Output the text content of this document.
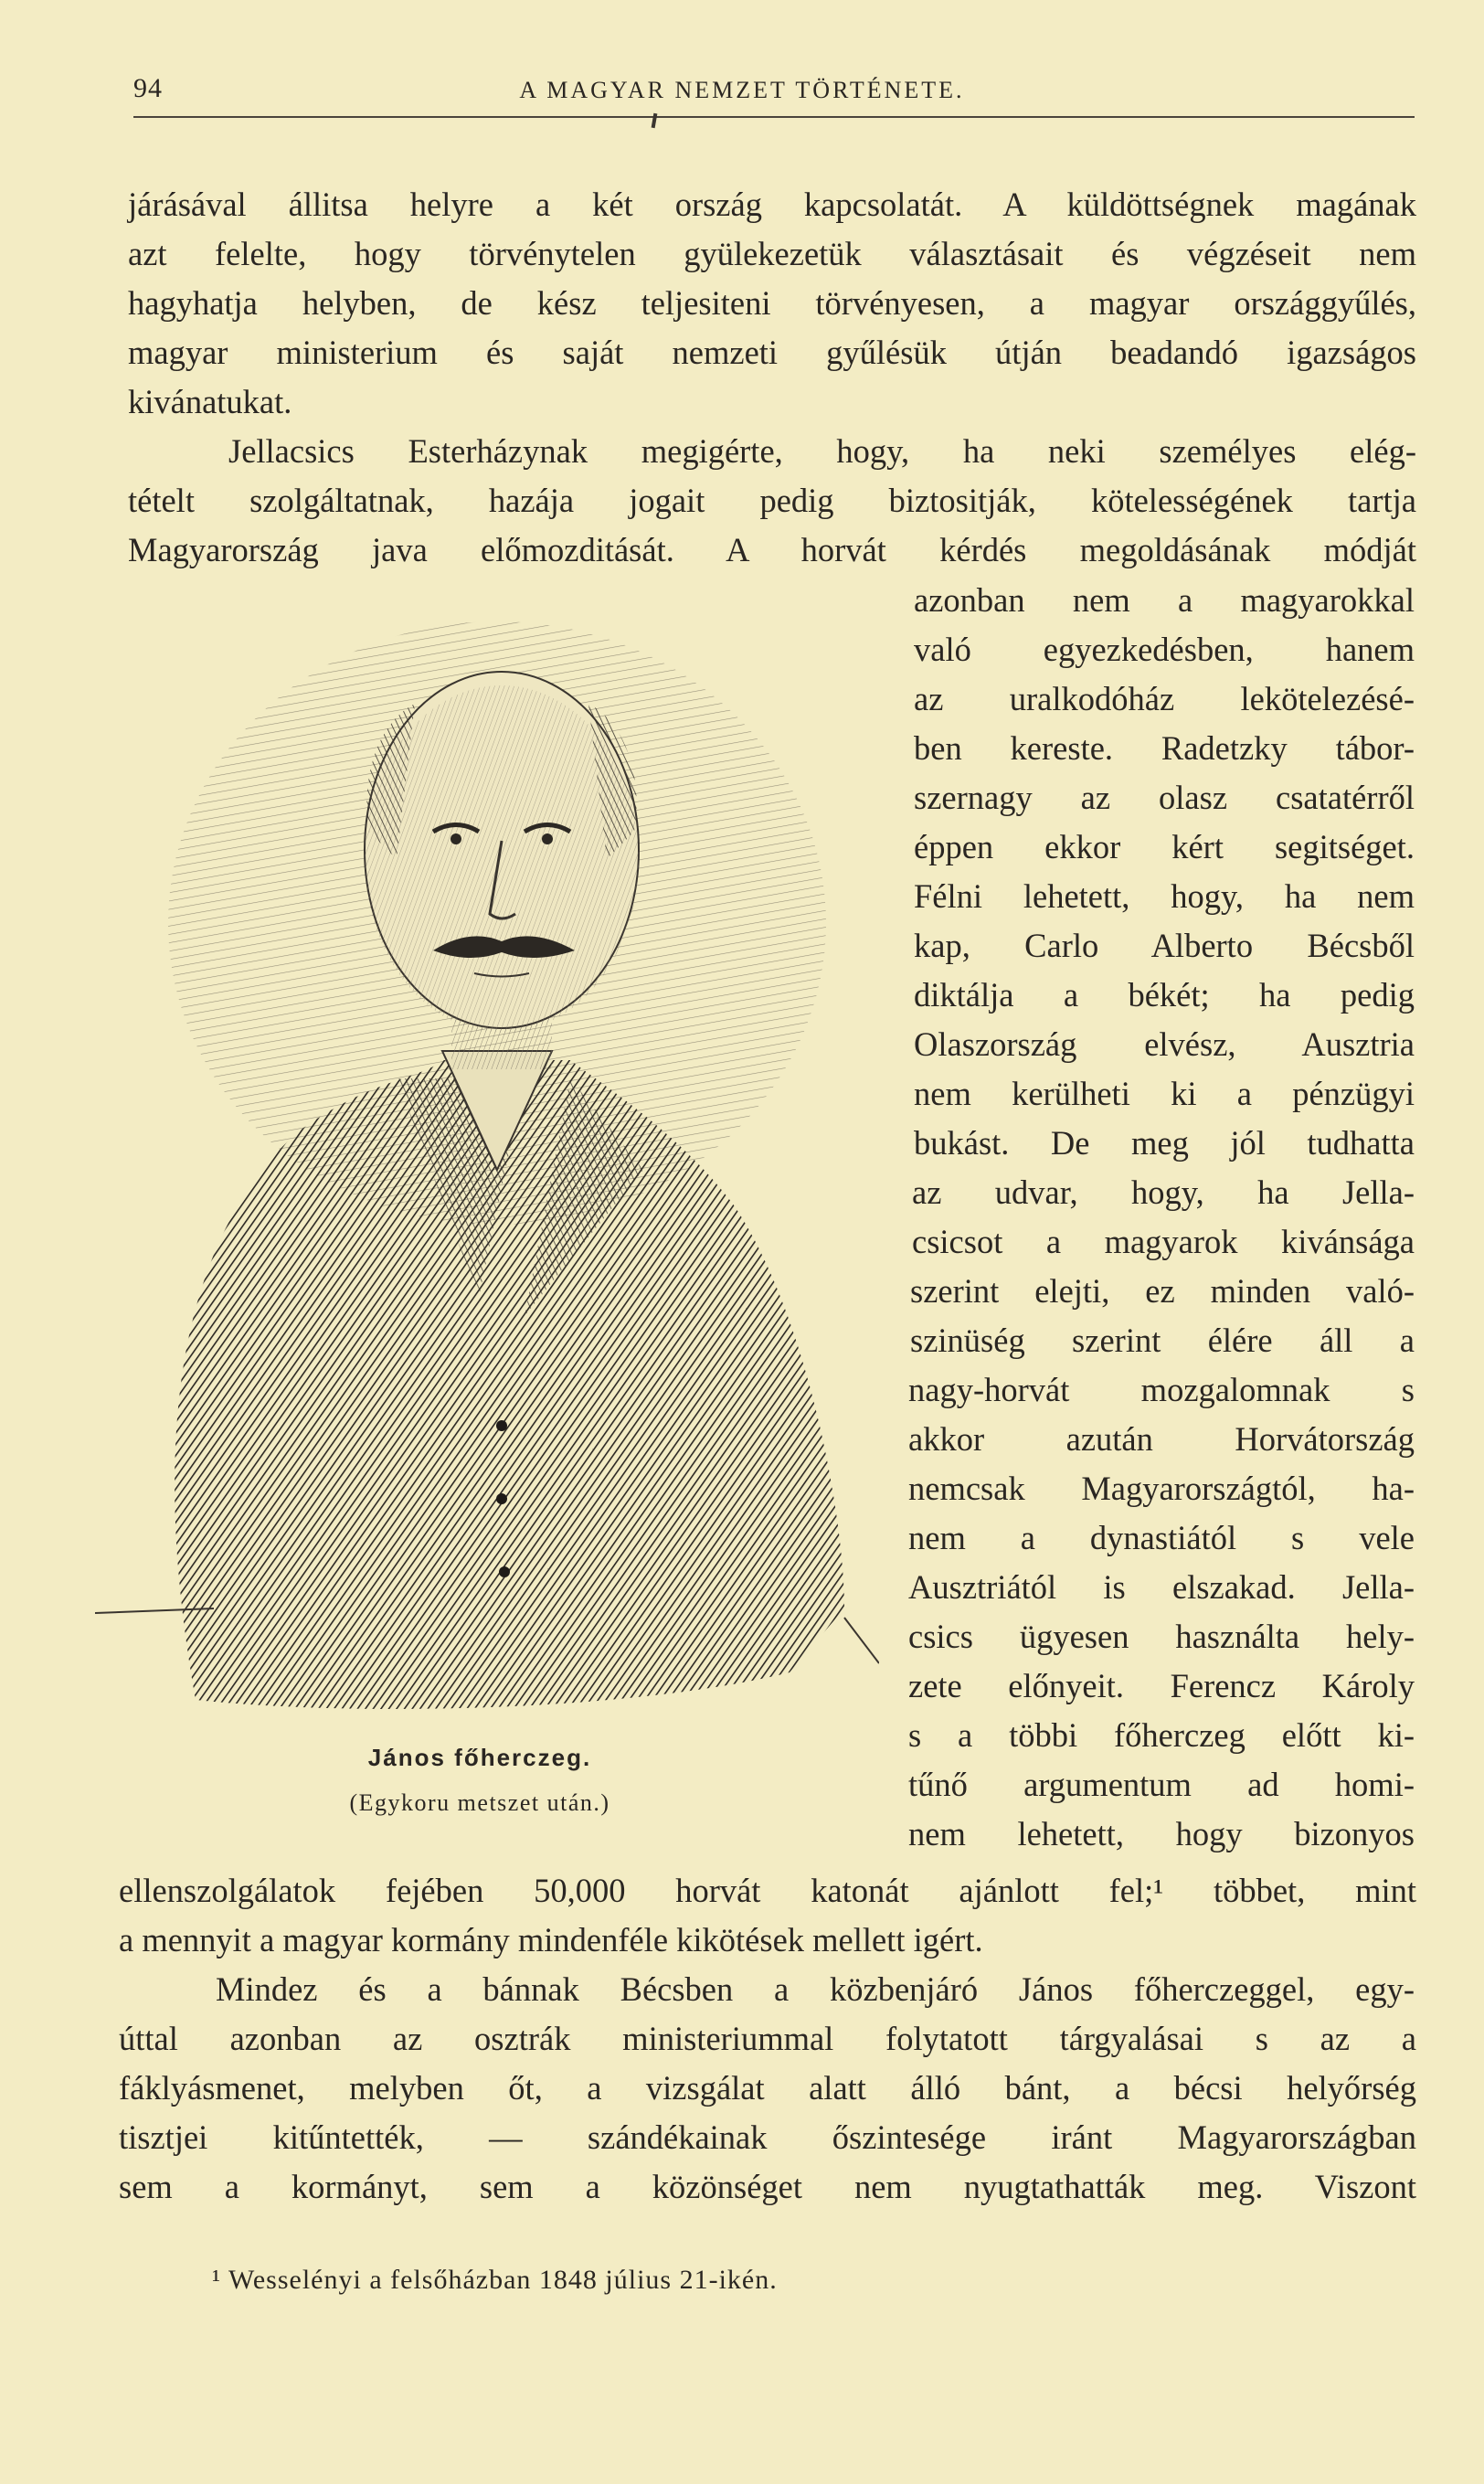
94	A MAGYAR NEMZET TÖRTÉNETE.
járásával állitsa helyre a két ország kapcsolatát. A küldöttségnek magának
azt felelte, hogy törvénytelen gyülekezetük választásait és végzéseit nem
hagyhatja helyben, de kész teljesiteni törvényesen, a magyar országgyűlés,
magyar ministerium és saját nemzeti gyűlésük útján beadandó igazságos
kivánatukat.
Jellacsics Esterházynak megigérte, hogy, ha neki személyes elég-
tételt szolgáltatnak, hazája jogait pedig biztositják, kötelességének tartja
Magyarország java előmozditását. A horvát kérdés megoldásának módját
azonban nem a magyarokkal
való egyezkedésben, hanem
az uralkodóház lekötelezésé-
ben kereste. Radetzky tábor-
szernagy az olasz csatatérről
éppen ekkor kért segitséget.
Félni lehetett, hogy, ha nem
kap, Carlo Alberto Bécsből
diktálja a békét; ha pedig
Olaszország elvész, Ausztria
nem kerülheti ki a pénzügyi
bukást. De meg jól tudhatta
az udvar, hogy, ha Jella-
csicsot a magyarok kivánsága
szerint elejti, ez minden való-
szinüség szerint élére áll a
nagy-horvát mozgalomnak s
akkor azután Horvátország
nemcsak Magyarországtól, ha-
nem a dynastiától s vele
Ausztriától is elszakad. Jella-
csics ügyesen használta hely-
zete előnyeit. Ferencz Károly
s a többi főherczeg előtt ki-
tűnő argumentum ad homi-
nem lehetett, hogy bizonyos
János főherczeg.
(Egykoru metszet után.)
ellenszolgálatok fejében 50,000 horvát katonát ajánlott fel;¹ többet, mint
a mennyit a magyar kormány mindenféle kikötések mellett igért.
Mindez és a bánnak Bécsben a közbenjáró János főherczeggel, egy-
úttal azonban az osztrák ministeriummal folytatott tárgyalásai s az a
fáklyásmenet, melyben őt, a vizsgálat alatt álló bánt, a bécsi helyőrség
tisztjei kitűntették, — szándékainak őszintesége iránt Magyarországban
sem a kormányt, sem a közönséget nem nyugtathatták meg. Viszont
¹ Wesselényi a felsőházban 1848 július 21-ikén.
